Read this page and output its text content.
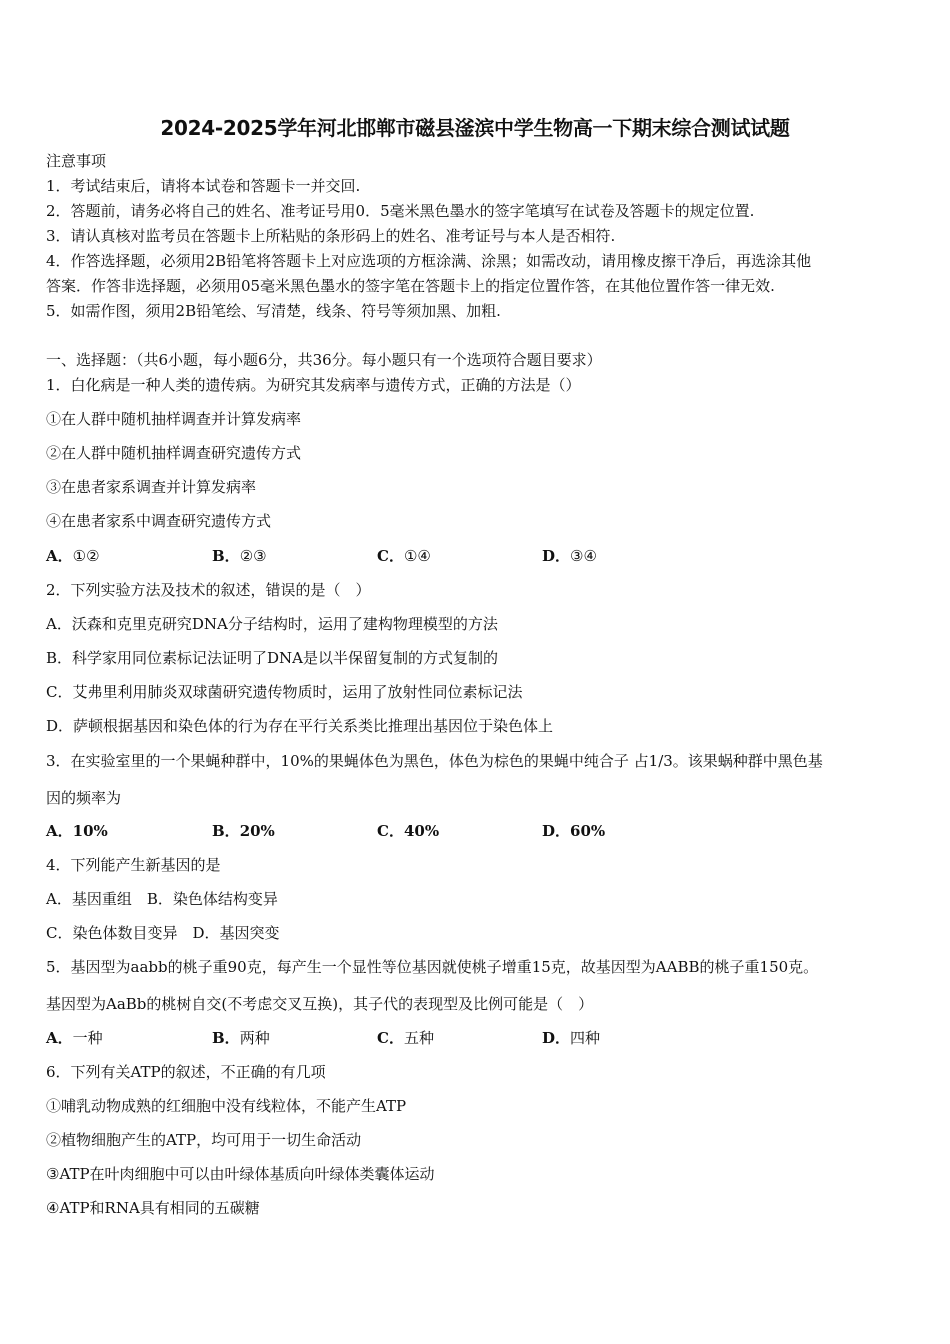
2024-2025学年河北邯郸市磁县滏滨中学生物高一下期末综合测试试题
注意事项
1．考试结束后，请将本试卷和答题卡一并交回.
2．答题前，请务必将自己的姓名、准考证号用0．5毫米黑色墨水的签字笔填写在试卷及答题卡的规定位置.
3．请认真核对监考员在答题卡上所粘贴的条形码上的姓名、准考证号与本人是否相符.
4．作答选择题，必须用2B铅笔将答题卡上对应选项的方框涂满、涂黑；如需改动，请用橡皮擦干净后，再选涂其他
答案．作答非选择题，必须用05毫米黑色墨水的签字笔在答题卡上的指定位置作答，在其他位置作答一律无效.
5．如需作图，须用2B铅笔绘、写清楚，线条、符号等须加黑、加粗.
一、选择题：（共6小题，每小题6分，共36分。每小题只有一个选项符合题目要求）
1．白化病是一种人类的遗传病。为研究其发病率与遗传方式，正确的方法是（）
①在人群中随机抽样调查并计算发病率
②在人群中随机抽样调查研究遗传方式
③在患者家系调查并计算发病率
④在患者家系中调查研究遗传方式
A．①②	B．②③	C．①④	D．③④
2．下列实验方法及技术的叙述，错误的是（　）
A．沃森和克里克研究DNA分子结构时，运用了建构物理模型的方法
B．科学家用同位素标记法证明了DNA是以半保留复制的方式复制的
C．艾弗里利用肺炎双球菌研究遗传物质时，运用了放射性同位素标记法
D．萨顿根据基因和染色体的行为存在平行关系类比推理出基因位于染色体上
3．在实验室里的一个果蝇种群中，10%的果蝇体色为黑色，体色为棕色的果蝇中纯合子 占1/3。该果蜗种群中黑色基
因的频率为
A．10%	B．20%	C．40%	D．60%
4．下列能产生新基因的是
A．基因重组　B．染色体结构变异
C．染色体数目变异　D．基因突变
5．基因型为aabb的桃子重90克，每产生一个显性等位基因就使桃子增重15克，故基因型为AABB的桃子重150克。
基因型为AaBb的桃树自交(不考虑交叉互换)，其子代的表现型及比例可能是（　）
A．一种	B．两种	C．五种	D．四种
6．下列有关ATP的叙述，不正确的有几项
①哺乳动物成熟的红细胞中没有线粒体，不能产生ATP
②植物细胞产生的ATP，均可用于一切生命活动
③ATP在叶肉细胞中可以由叶绿体基质向叶绿体类囊体运动
④ATP和RNA具有相同的五碳糖
